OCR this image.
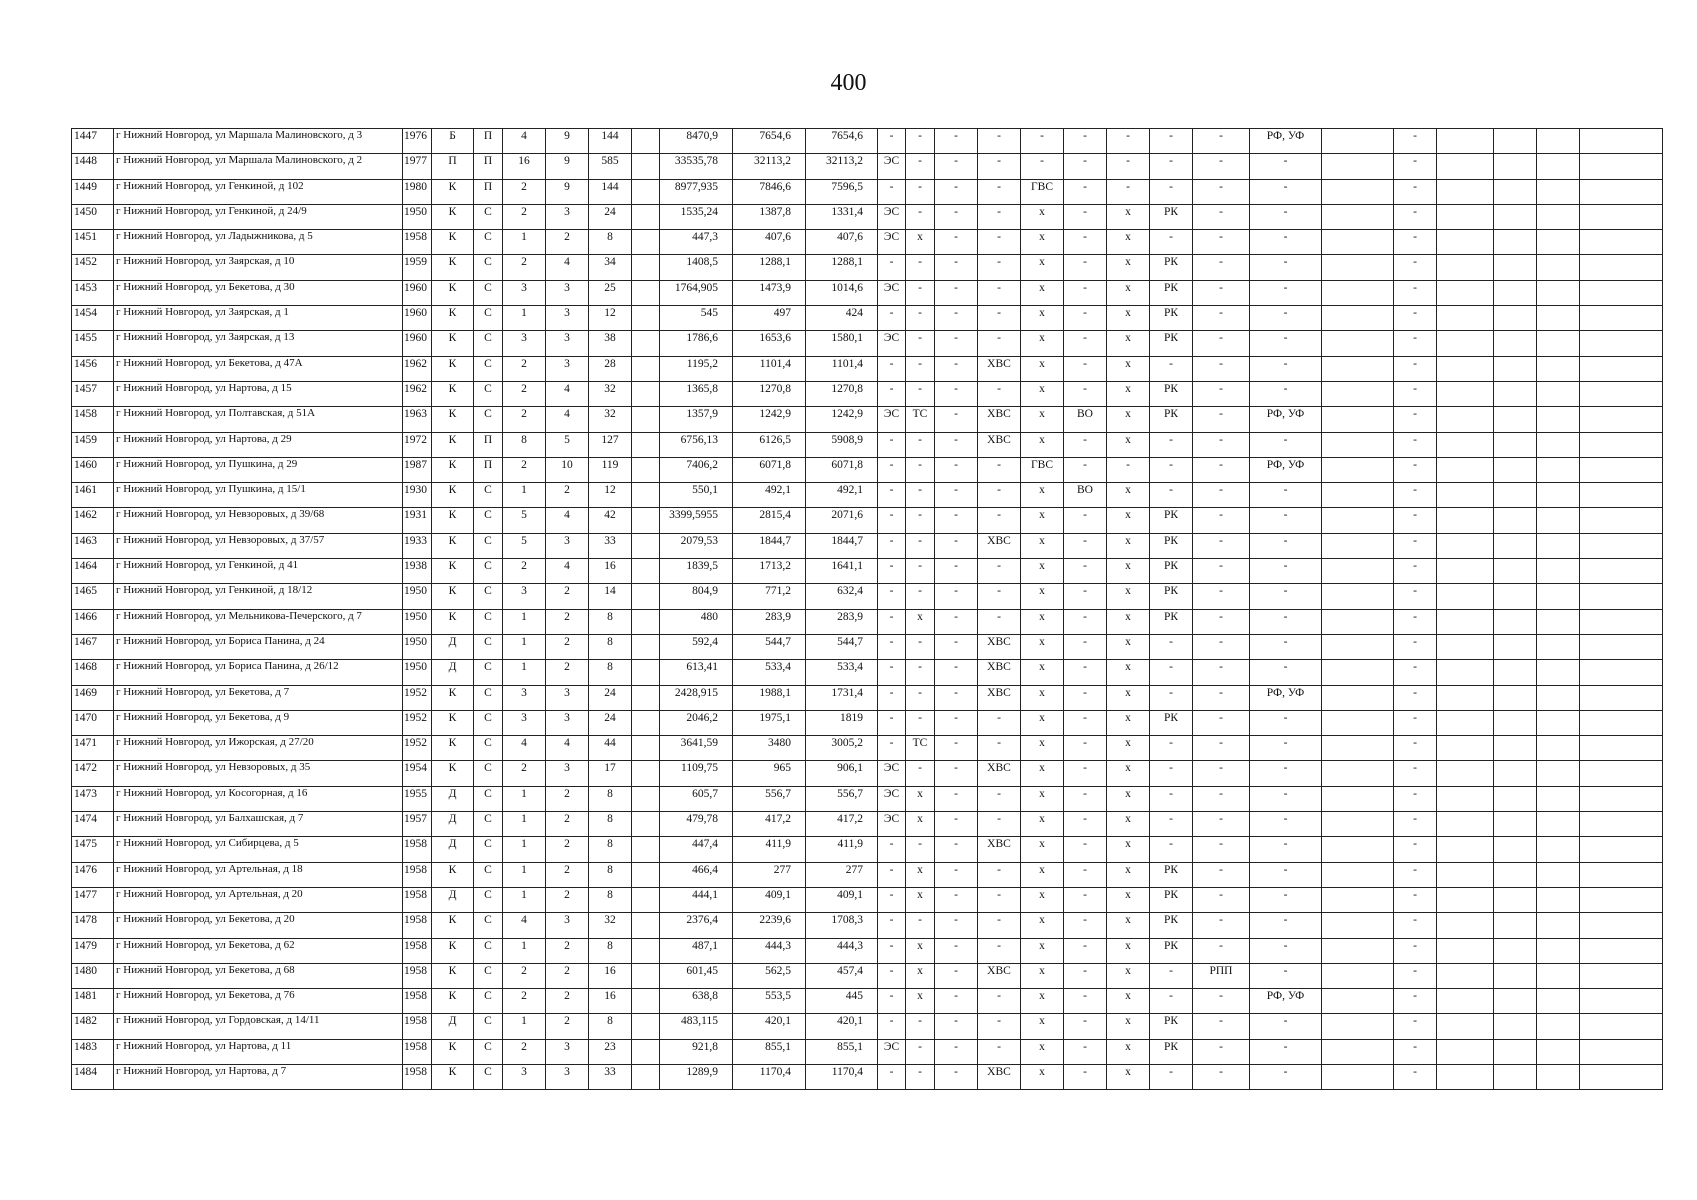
400
1447	г Нижний Новгород, ул Маршала Малиновского, д 3	1976	Б	П	4	9	144		8470,9	7654,6	7654,6	-	-	-	-	-	-	-	-	-	РФ, УФ		-				
1448	г Нижний Новгород, ул Маршала Малиновского, д 2	1977	П	П	16	9	585		33535,78	32113,2	32113,2	ЭС	-	-	-	-	-	-	-	-	-		-				
1449	г Нижний Новгород, ул Генкиной, д 102	1980	К	П	2	9	144		8977,935	7846,6	7596,5	-	-	-	-	ГВС	-	-	-	-	-		-				
1450	г Нижний Новгород, ул Генкиной, д 24/9	1950	К	С	2	3	24		1535,24	1387,8	1331,4	ЭС	-	-	-	х	-	х	РК	-	-		-				
1451	г Нижний Новгород, ул Ладыжникова, д 5	1958	К	С	1	2	8		447,3	407,6	407,6	ЭС	х	-	-	х	-	х	-	-	-		-				
1452	г Нижний Новгород, ул Заярская, д 10	1959	К	С	2	4	34		1408,5	1288,1	1288,1	-	-	-	-	х	-	х	РК	-	-		-				
1453	г Нижний Новгород, ул Бекетова, д 30	1960	К	С	3	3	25		1764,905	1473,9	1014,6	ЭС	-	-	-	х	-	х	РК	-	-		-				
1454	г Нижний Новгород, ул Заярская, д 1	1960	К	С	1	3	12		545	497	424	-	-	-	-	х	-	х	РК	-	-		-				
1455	г Нижний Новгород, ул Заярская, д 13	1960	К	С	3	3	38		1786,6	1653,6	1580,1	ЭС	-	-	-	х	-	х	РК	-	-		-				
1456	г Нижний Новгород, ул Бекетова, д 47А	1962	К	С	2	3	28		1195,2	1101,4	1101,4	-	-	-	ХВС	х	-	х	-	-	-		-				
1457	г Нижний Новгород, ул Нартова, д 15	1962	К	С	2	4	32		1365,8	1270,8	1270,8	-	-	-	-	х	-	х	РК	-	-		-				
1458	г Нижний Новгород, ул Полтавская, д 51А	1963	К	С	2	4	32		1357,9	1242,9	1242,9	ЭС	ТС	-	ХВС	х	ВО	х	РК	-	РФ, УФ		-				
1459	г Нижний Новгород, ул Нартова, д 29	1972	К	П	8	5	127		6756,13	6126,5	5908,9	-	-	-	ХВС	х	-	х	-	-	-		-				
1460	г Нижний Новгород, ул Пушкина, д 29	1987	К	П	2	10	119		7406,2	6071,8	6071,8	-	-	-	-	ГВС	-	-	-	-	РФ, УФ		-				
1461	г Нижний Новгород, ул Пушкина, д 15/1	1930	К	С	1	2	12		550,1	492,1	492,1	-	-	-	-	х	ВО	х	-	-	-		-				
1462	г Нижний Новгород, ул Невзоровых, д 39/68	1931	К	С	5	4	42		3399,5955	2815,4	2071,6	-	-	-	-	х	-	х	РК	-	-		-				
1463	г Нижний Новгород, ул Невзоровых, д 37/57	1933	К	С	5	3	33		2079,53	1844,7	1844,7	-	-	-	ХВС	х	-	х	РК	-	-		-				
1464	г Нижний Новгород, ул Генкиной, д 41	1938	К	С	2	4	16		1839,5	1713,2	1641,1	-	-	-	-	х	-	х	РК	-	-		-				
1465	г Нижний Новгород, ул Генкиной, д 18/12	1950	К	С	3	2	14		804,9	771,2	632,4	-	-	-	-	х	-	х	РК	-	-		-				
1466	г Нижний Новгород, ул Мельникова-Печерского, д 7	1950	К	С	1	2	8		480	283,9	283,9	-	х	-	-	х	-	х	РК	-	-		-				
1467	г Нижний Новгород, ул Бориса Панина, д 24	1950	Д	С	1	2	8		592,4	544,7	544,7	-	-	-	ХВС	х	-	х	-	-	-		-				
1468	г Нижний Новгород, ул Бориса Панина, д 26/12	1950	Д	С	1	2	8		613,41	533,4	533,4	-	-	-	ХВС	х	-	х	-	-	-		-				
1469	г Нижний Новгород, ул Бекетова, д 7	1952	К	С	3	3	24		2428,915	1988,1	1731,4	-	-	-	ХВС	х	-	х	-	-	РФ, УФ		-				
1470	г Нижний Новгород, ул Бекетова, д 9	1952	К	С	3	3	24		2046,2	1975,1	1819	-	-	-	-	х	-	х	РК	-	-		-				
1471	г Нижний Новгород, ул Ижорская, д 27/20	1952	К	С	4	4	44		3641,59	3480	3005,2	-	ТС	-	-	х	-	х	-	-	-		-				
1472	г Нижний Новгород, ул Невзоровых, д 35	1954	К	С	2	3	17		1109,75	965	906,1	ЭС	-	-	ХВС	х	-	х	-	-	-		-				
1473	г Нижний Новгород, ул Косогорная, д 16	1955	Д	С	1	2	8		605,7	556,7	556,7	ЭС	х	-	-	х	-	х	-	-	-		-				
1474	г Нижний Новгород, ул Балхашская, д 7	1957	Д	С	1	2	8		479,78	417,2	417,2	ЭС	х	-	-	х	-	х	-	-	-		-				
1475	г Нижний Новгород, ул Сибирцева, д 5	1958	Д	С	1	2	8		447,4	411,9	411,9	-	-	-	ХВС	х	-	х	-	-	-		-				
1476	г Нижний Новгород, ул Артельная, д 18	1958	К	С	1	2	8		466,4	277	277	-	х	-	-	х	-	х	РК	-	-		-				
1477	г Нижний Новгород, ул Артельная, д 20	1958	Д	С	1	2	8		444,1	409,1	409,1	-	х	-	-	х	-	х	РК	-	-		-				
1478	г Нижний Новгород, ул Бекетова, д 20	1958	К	С	4	3	32		2376,4	2239,6	1708,3	-	-	-	-	х	-	х	РК	-	-		-				
1479	г Нижний Новгород, ул Бекетова, д 62	1958	К	С	1	2	8		487,1	444,3	444,3	-	х	-	-	х	-	х	РК	-	-		-				
1480	г Нижний Новгород, ул Бекетова, д 68	1958	К	С	2	2	16		601,45	562,5	457,4	-	х	-	ХВС	х	-	х	-	РПП	-		-				
1481	г Нижний Новгород, ул Бекетова, д 76	1958	К	С	2	2	16		638,8	553,5	445	-	х	-	-	х	-	х	-	-	РФ, УФ		-				
1482	г Нижний Новгород, ул Гордовская, д 14/11	1958	Д	С	1	2	8		483,115	420,1	420,1	-	-	-	-	х	-	х	РК	-	-		-				
1483	г Нижний Новгород, ул Нартова, д 11	1958	К	С	2	3	23		921,8	855,1	855,1	ЭС	-	-	-	х	-	х	РК	-	-		-				
1484	г Нижний Новгород, ул Нартова, д 7	1958	К	С	3	3	33		1289,9	1170,4	1170,4	-	-	-	ХВС	х	-	х	-	-	-		-				
